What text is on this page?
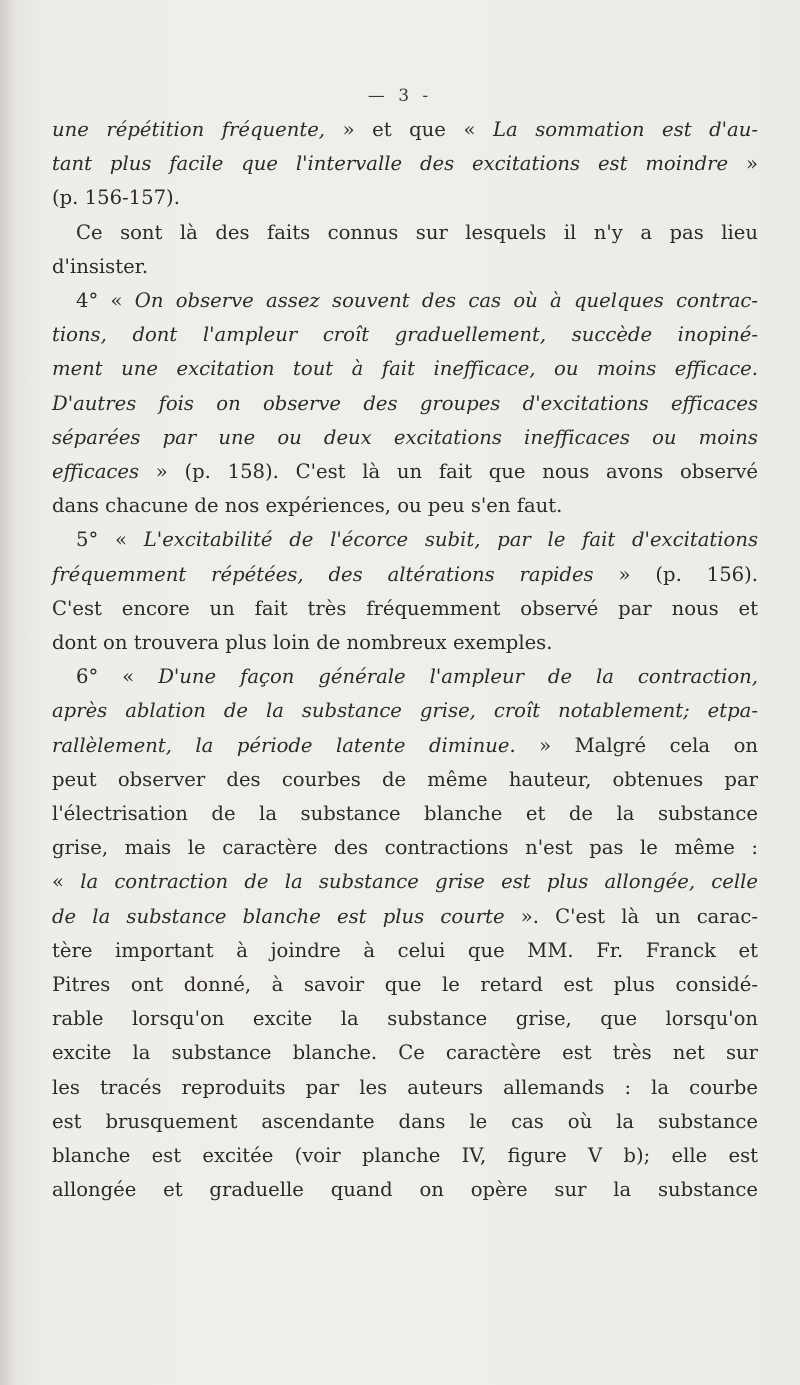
— 3 -
une répétition fréquente, » et que « La sommation est d'au-
tant plus facile que l'intervalle des excitations est moindre »
(p. 156-157).
Ce sont là des faits connus sur lesquels il n'y a pas lieu
d'insister.
4° « On observe assez souvent des cas où à quelques contrac-
tions, dont l'ampleur croît graduellement, succède inopiné-
ment une excitation tout à fait inefficace, ou moins efficace.
D'autres fois on observe des groupes d'excitations efficaces
séparées par une ou deux excitations inefficaces ou moins
efficaces » (p. 158). C'est là un fait que nous avons observé
dans chacune de nos expériences, ou peu s'en faut.
5° « L'excitabilité de l'écorce subit, par le fait d'excitations
fréquemment répétées, des altérations rapides » (p. 156).
C'est encore un fait très fréquemment observé par nous et
dont on trouvera plus loin de nombreux exemples.
6° « D'une façon générale l'ampleur de la contraction,
après ablation de la substance grise, croît notablement; etpa-
rallèlement, la période latente diminue. » Malgré cela on
peut observer des courbes de même hauteur, obtenues par
l'électrisation de la substance blanche et de la substance
grise, mais le caractère des contractions n'est pas le même :
« la contraction de la substance grise est plus allongée, celle
de la substance blanche est plus courte ». C'est là un carac-
tère important à joindre à celui que MM. Fr. Franck et
Pitres ont donné, à savoir que le retard est plus considé-
rable lorsqu'on excite la substance grise, que lorsqu'on
excite la substance blanche. Ce caractère est très net sur
les tracés reproduits par les auteurs allemands : la courbe
est brusquement ascendante dans le cas où la substance
blanche est excitée (voir planche IV, figure V b); elle est
allongée et graduelle quand on opère sur la substance
